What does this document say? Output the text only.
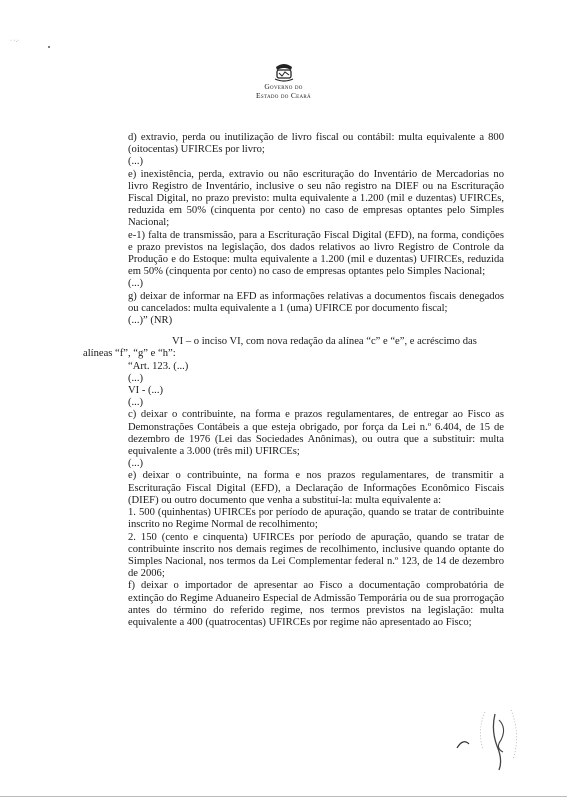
· ·.·
Governo do
Estado do Ceará

d) extravio, perda ou inutilização de livro fiscal ou contábil: multa equivalente a 800 (oitocentas) UFIRCEs por livro;

(...)

e) inexistência, perda, extravio ou não escrituração do Inventário de Mercadorias no livro Registro de Inventário, inclusive o seu não registro na DIEF ou na Escrituração Fiscal Digital, no prazo previsto: multa equivalente a 1.200 (mil e duzentas) UFIRCEs, reduzida em 50% (cinquenta por cento) no caso de empresas optantes pelo Simples Nacional;

e-1) falta de transmissão, para a Escrituração Fiscal Digital (EFD), na forma, condições e prazo previstos na legislação, dos dados relativos ao livro Registro de Controle da Produção e do Estoque: multa equivalente a 1.200 (mil e duzentas) UFIRCEs, reduzida em 50% (cinquenta por cento) no caso de empresas optantes pelo Simples Nacional;

(...)

g) deixar de informar na EFD as informações relativas a documentos fiscais denegados ou cancelados: multa equivalente a 1 (uma) UFIRCE por documento fiscal;

(...)” (NR)

VI – o inciso VI, com nova redação da alínea “c” e “e”, e acréscimo das

alíneas “f”, “g” e “h”:

“Art. 123. (...)

(...)

VI - (...)

(...)

c) deixar o contribuinte, na forma e prazos regulamentares, de entregar ao Fisco as Demonstrações Contábeis a que esteja obrigado, por força da Lei n.º 6.404, de 15 de dezembro de 1976 (Lei das Sociedades Anônimas), ou outra que a substituir: multa equivalente a 3.000 (três mil) UFIRCEs;

(...)

e) deixar o contribuinte, na forma e nos prazos regulamentares, de transmitir a Escrituração Fiscal Digital (EFD), a Declaração de Informações Econômico Fiscais (DIEF) ou outro documento que venha a substituí-la: multa equivalente a:

1. 500 (quinhentas) UFIRCEs por período de apuração, quando se tratar de contribuinte inscrito no Regime Normal de recolhimento;

2. 150 (cento e cinquenta) UFIRCEs por período de apuração, quando se tratar de contribuinte inscrito nos demais regimes de recolhimento, inclusive quando optante do Simples Nacional, nos termos da Lei Complementar federal n.º 123, de 14 de dezembro de 2006;

f) deixar o importador de apresentar ao Fisco a documentação comprobatória de extinção do Regime Aduaneiro Especial de Admissão Temporária ou de sua prorrogação antes do término do referido regime, nos termos previstos na legislação: multa equivalente a 400 (quatrocentas) UFIRCEs por regime não apresentado ao Fisco;
